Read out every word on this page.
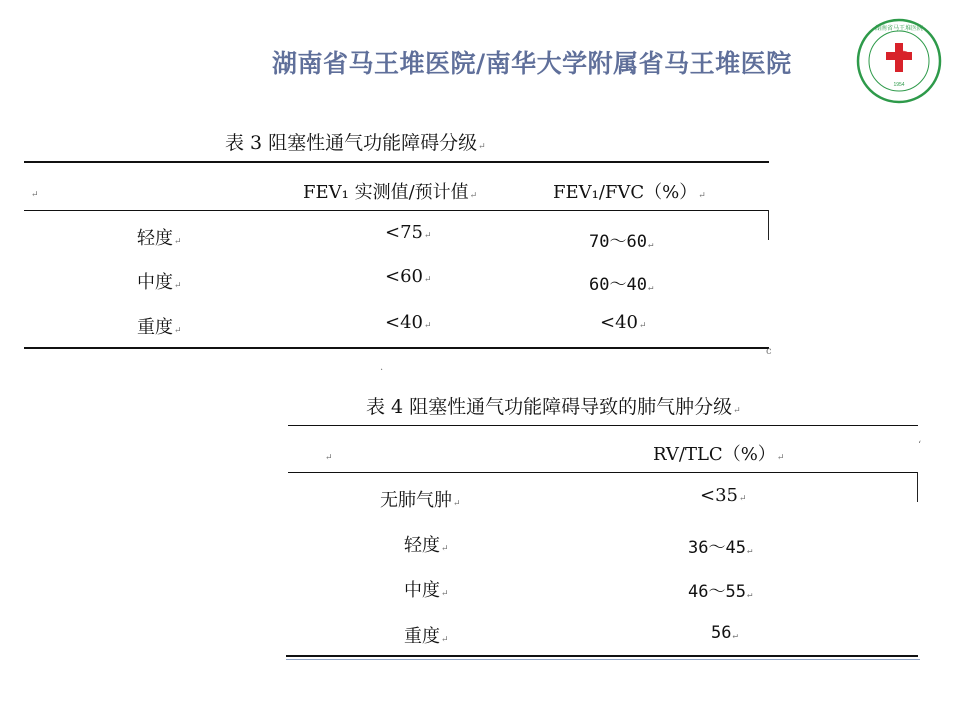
湖南省马王堆医院/南华大学附属省马王堆医院
湖南省马王堆医院
1954
表 3 阻塞性通气功能障碍分级↵
↵	FEV₁ 实测值/预计值↵	FEV₁/FVC（%）↵
轻度↵	<75↵	70～60↵
中度↵	<60↵	60～40↵
重度↵	<40↵	<40↵
c
.
表 4 阻塞性通气功能障碍导致的肺气肿分级↵
‘
↵	RV/TLC（%）↵
无肺气肿↵	<35↵
轻度↵	36～45↵
中度↵	46～55↵
重度↵	56↵
